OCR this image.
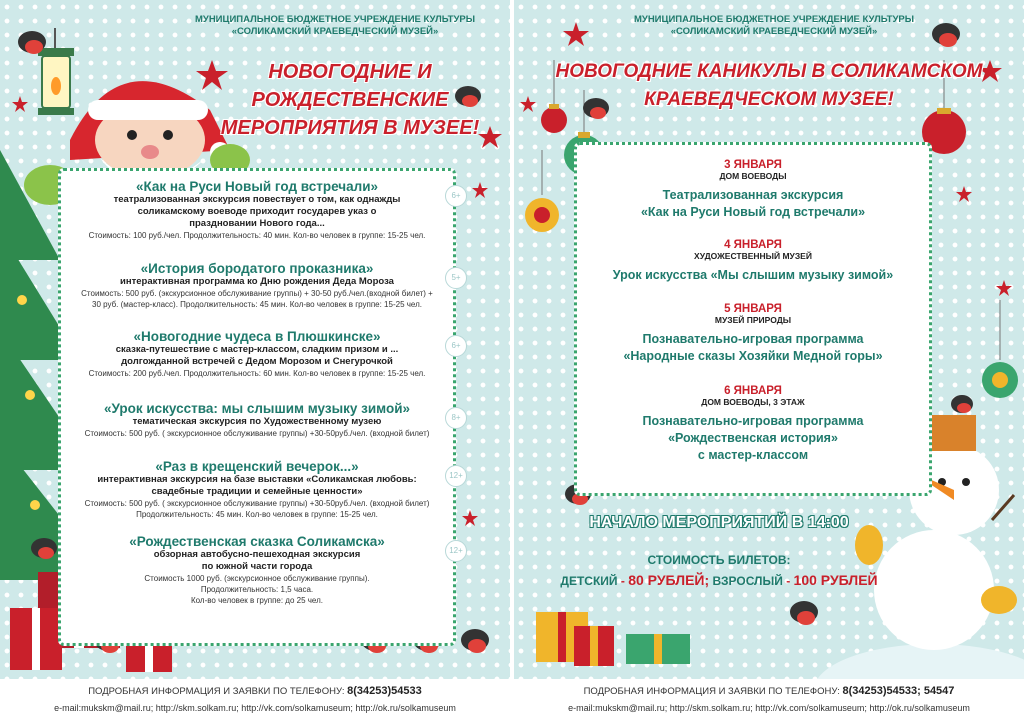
МУНИЦИПАЛЬНОЕ БЮДЖЕТНОЕ УЧРЕЖДЕНИЕ КУЛЬТУРЫ
«СОЛИКАМСКИЙ КРАЕВЕДЧЕСКИЙ МУЗЕЙ»
НОВОГОДНИЕ И
РОЖДЕСТВЕНСКИЕ
МЕРОПРИЯТИЯ В МУЗЕЕ!
«Как на Руси Новый год встречали»
6+
театрализованная экскурсия повествует о том, как однажды
соликамскому воеводе приходит государев указ о
праздновании Нового года...
Стоимость: 100 руб./чел. Продолжительность: 40 мин. Кол-во человек в группе: 15-25 чел.
«История бородатого проказника»
5+
интерактивная программа ко Дню рождения Деда Мороза
Стоимость: 500 руб. (экскурсионное обслуживание группы) + 30-50 руб./чел.(входной билет) +
30 руб. (мастер-класс). Продолжительность: 45 мин. Кол-во человек в группе: 15-25 чел.
«Новогодние чудеса в Плюшкинске»
6+
сказка-путешествие с мастер-классом, сладким призом и ...
долгожданной встречей с Дедом Морозом и Снегурочкой
Стоимость: 200 руб./чел. Продолжительность: 60 мин. Кол-во человек в группе: 15-25 чел.
«Урок искусства: мы слышим музыку зимой»
8+
тематическая экскурсия по Художественному музею
Стоимость: 500 руб. ( экскурсионное обслуживание группы) +30-50руб./чел. (входной билет)
«Раз в крещенский вечерок...»
12+
интерактивная экскурсия на базе выставки «Соликамская любовь:
свадебные традиции и семейные ценности»
Стоимость: 500 руб. ( экскурсионное обслуживание группы) +30-50руб./чел. (входной билет)
Продолжительность: 45 мин. Кол-во человек в группе: 15-25 чел.
«Рождественская сказка Соликамска»
12+
обзорная автобусно-пешеходная экскурсия
по южной части города
Стоимость 1000 руб. (экскурсионное обслуживание группы).
Продолжительность: 1,5 часа.
Кол-во человек в группе: до 25 чел.
ПОДРОБНАЯ ИНФОРМАЦИЯ И ЗАЯВКИ ПО ТЕЛЕФОНУ: 8(34253)54533
e-mail:mukskm@mail.ru; http://skm.solkam.ru; http://vk.com/solkamuseum; http://ok.ru/solkamuseum
МУНИЦИПАЛЬНОЕ БЮДЖЕТНОЕ УЧРЕЖДЕНИЕ КУЛЬТУРЫ
«СОЛИКАМСКИЙ КРАЕВЕДЧЕСКИЙ МУЗЕЙ»
НОВОГОДНИЕ КАНИКУЛЫ В СОЛИКАМСКОМ
КРАЕВЕДЧЕСКОМ МУЗЕЕ!
3 ЯНВАРЯ
ДОМ ВОЕВОДЫ
Театрализованная экскурсия
«Как на Руси Новый год встречали»
4 ЯНВАРЯ
ХУДОЖЕСТВЕННЫЙ МУЗЕЙ
Урок искусства «Мы слышим музыку зимой»
5 ЯНВАРЯ
МУЗЕЙ ПРИРОДЫ
Познавательно-игровая программа
«Народные сказы Хозяйки Медной горы»
6 ЯНВАРЯ
ДОМ ВОЕВОДЫ, 3 ЭТАЖ
Познавательно-игровая программа
«Рождественская история»
с мастер-классом
НАЧАЛО МЕРОПРИЯТИЙ В 14:00
СТОИМОСТЬ БИЛЕТОВ:
ДЕТСКИЙ - 80 РУБЛЕЙ; ВЗРОСЛЫЙ - 100 РУБЛЕЙ
ПОДРОБНАЯ ИНФОРМАЦИЯ И ЗАЯВКИ ПО ТЕЛЕФОНУ: 8(34253)54533; 54547
e-mail:mukskm@mail.ru; http://skm.solkam.ru; http://vk.com/solkamuseum; http://ok.ru/solkamuseum
